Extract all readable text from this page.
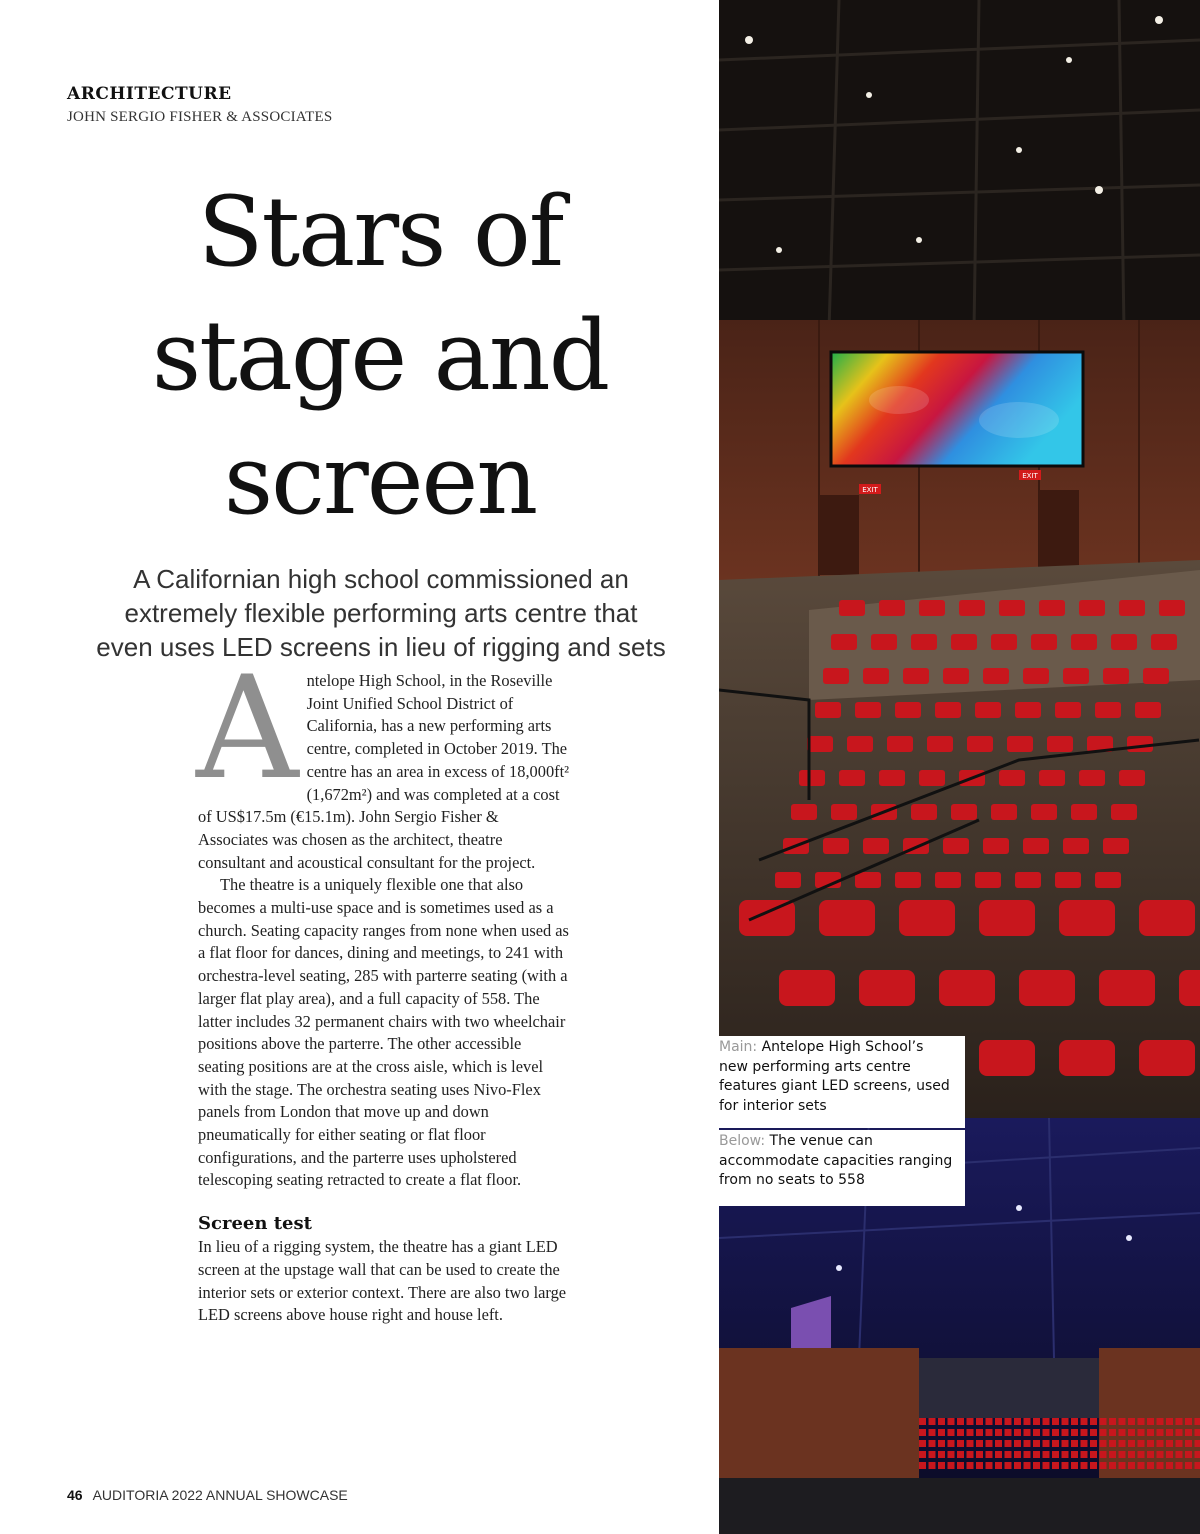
ARCHITECTURE
JOHN SERGIO FISHER & ASSOCIATES
Stars of
stage and
screen
A Californian high school commissioned an
extremely flexible performing arts centre that
even uses LED screens in lieu of rigging and sets

Antelope High School, in the Roseville Joint Unified School District of California, has a new performing arts centre, completed in October 2019. The centre has an area in excess of 18,000ft² (1,672m²) and was completed at a cost of US$17.5m (€15.1m). John Sergio Fisher & Associates was chosen as the architect, theatre consultant and acoustical consultant for the project.

The theatre is a uniquely flexible one that also becomes a multi-use space and is sometimes used as a church. Seating capacity ranges from none when used as a flat floor for dances, dining and meetings, to 241 with orchestra-level seating, 285 with parterre seating (with a larger flat play area), and a full capacity of 558. The latter includes 32 permanent chairs with two wheelchair positions above the parterre. The other accessible seating positions are at the cross aisle, which is level with the stage. The orchestra seating uses Nivo-Flex panels from London that move up and down pneumatically for either seating or flat floor configurations, and the parterre uses upholstered telescoping seating retracted to create a flat floor.

Screen test

In lieu of a rigging system, the theatre has a giant LED screen at the upstage wall that can be used to create the interior sets or exterior context. There are also two large LED screens above house right and house left.

46 AUDITORIA 2022 ANNUAL SHOWCASE
EXIT
EXIT
Main: Antelope High School’s new performing arts centre features giant LED screens, used for interior sets
Below: The venue can accommodate capacities ranging from no seats to 558
